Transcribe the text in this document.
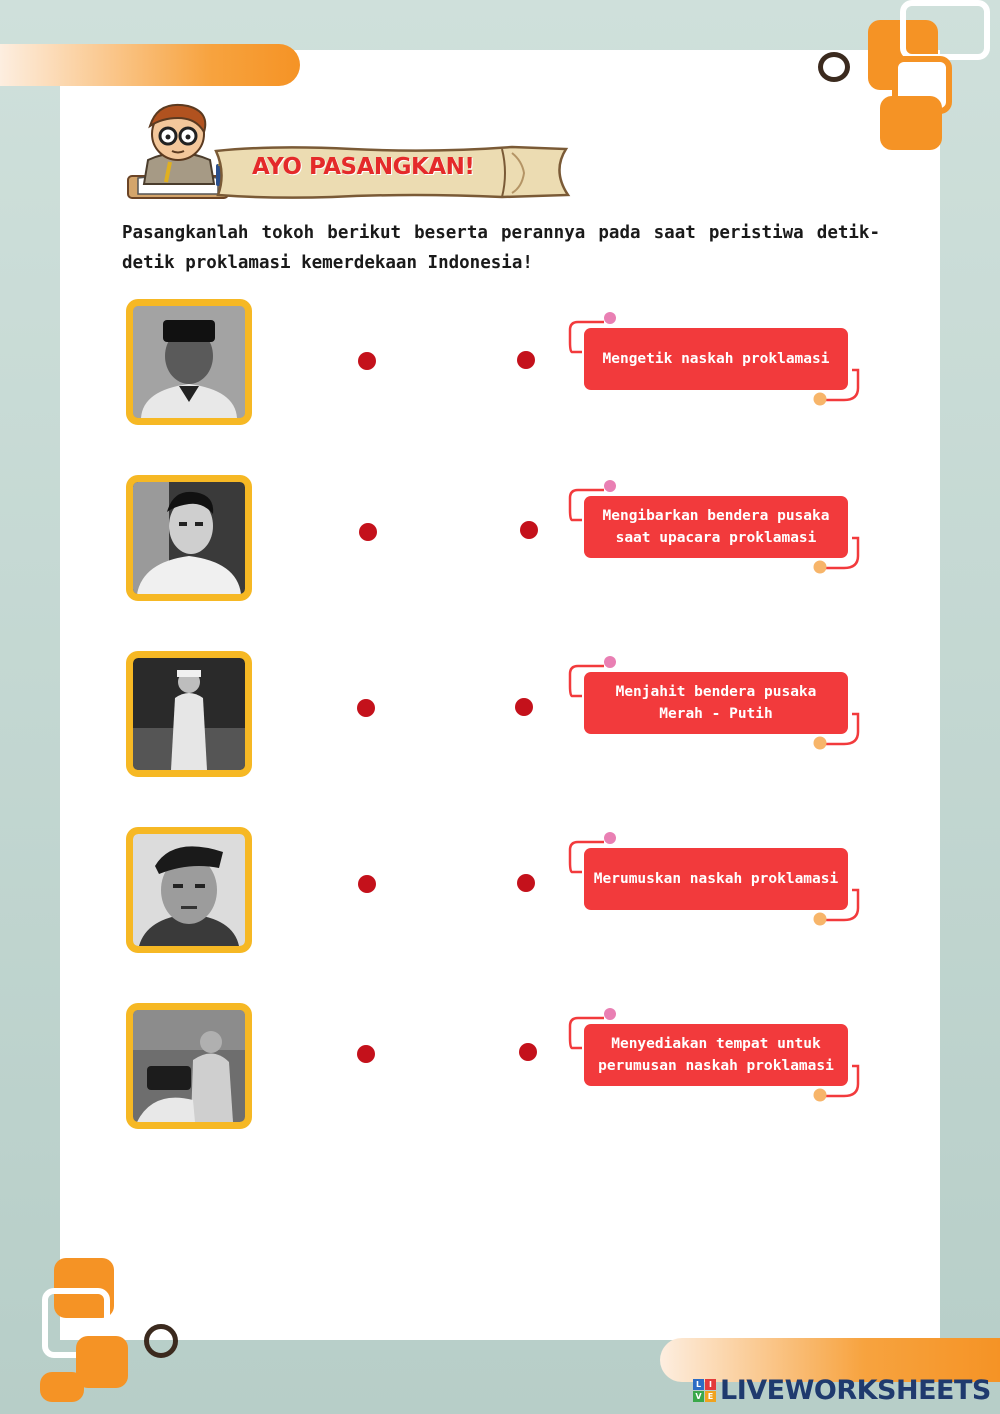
AYO PASANGKAN!
Pasangkanlah tokoh berikut beserta perannya pada saat peristiwa detik-detik proklamasi kemerdekaan Indonesia!
Mengetik naskah proklamasi
Mengibarkan bendera pusaka saat upacara proklamasi
Menjahit bendera pusaka Merah - Putih
Merumuskan naskah proklamasi
Menyediakan tempat untuk perumusan naskah proklamasi
L I
V E LIVEWORKSHEETS
